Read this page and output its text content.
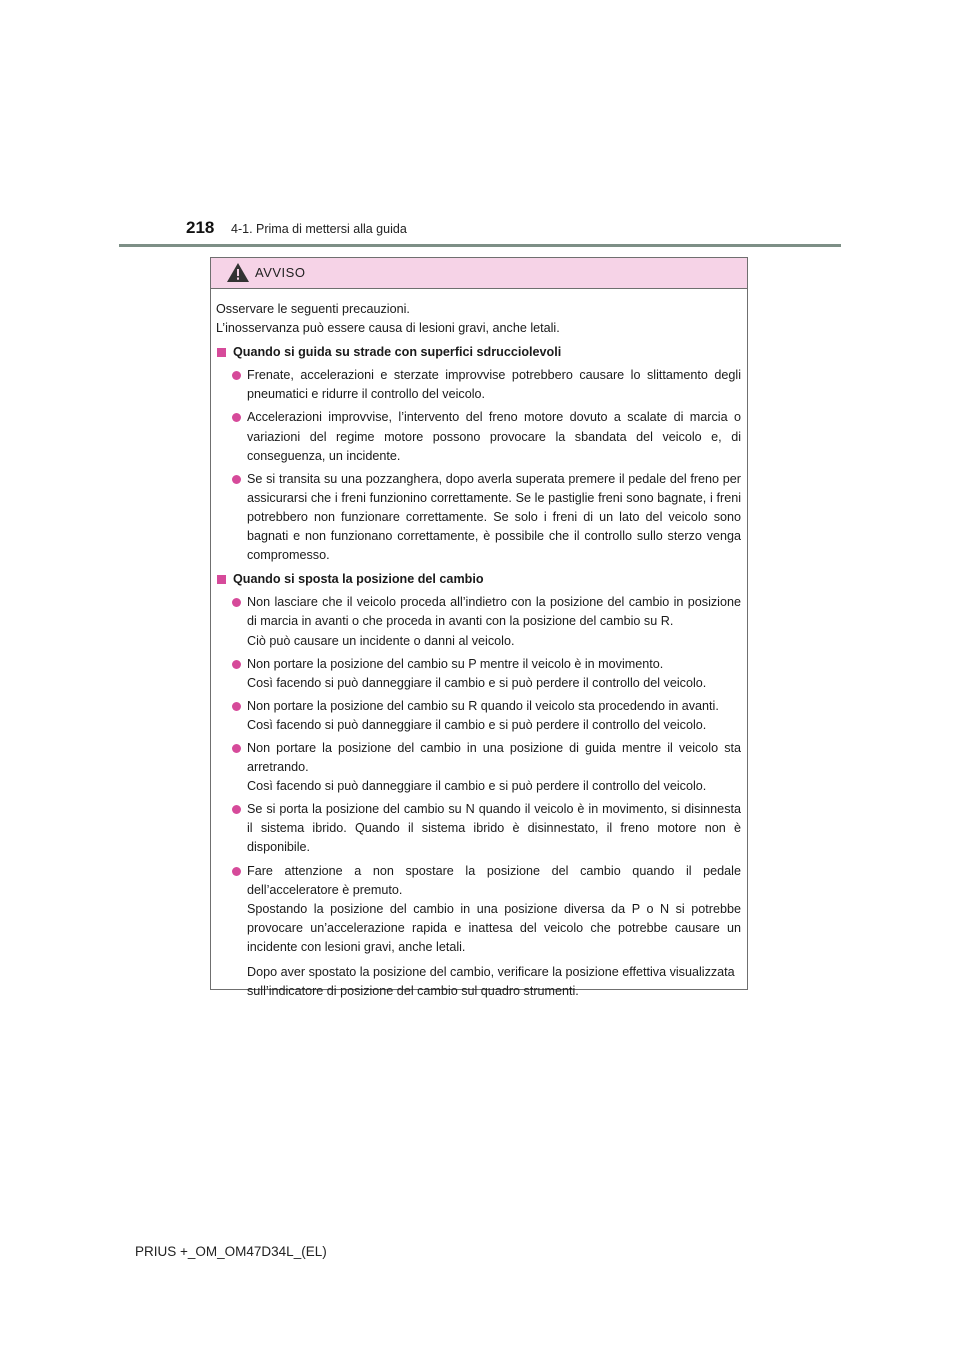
218 4-1. Prima di mettersi alla guida
AVVISO

Osservare le seguenti precauzioni.

L’inosservanza può essere causa di lesioni gravi, anche letali.

Quando si guida su strade con superfici sdrucciolevoli

Frenate, accelerazioni e sterzate improvvise potrebbero causare lo slittamento degli pneumatici e ridurre il controllo del veicolo.

Accelerazioni improvvise, l’intervento del freno motore dovuto a scalate di marcia o variazioni del regime motore possono provocare la sbandata del veicolo e, di conseguenza, un incidente.

Se si transita su una pozzanghera, dopo averla superata premere il pedale del freno per assicurarsi che i freni funzionino correttamente. Se le pastiglie freni sono bagnate, i freni potrebbero non funzionare correttamente. Se solo i freni di un lato del veicolo sono bagnati e non funzionano correttamente, è possibile che il controllo sullo sterzo venga compromesso.

Quando si sposta la posizione del cambio

Non lasciare che il veicolo proceda all’indietro con la posizione del cambio in posizione di marcia in avanti o che proceda in avanti con la posizione del cambio su R.

Ciò può causare un incidente o danni al veicolo.

Non portare la posizione del cambio su P mentre il veicolo è in movimento.

Così facendo si può danneggiare il cambio e si può perdere il controllo del veicolo.

Non portare la posizione del cambio su R quando il veicolo sta procedendo in avanti.

Così facendo si può danneggiare il cambio e si può perdere il controllo del veicolo.

Non portare la posizione del cambio in una posizione di guida mentre il veicolo sta arretrando.

Così facendo si può danneggiare il cambio e si può perdere il controllo del veicolo.

Se si porta la posizione del cambio su N quando il veicolo è in movimento, si disinnesta il sistema ibrido. Quando il sistema ibrido è disinnestato, il freno motore non è disponibile.

Fare attenzione a non spostare la posizione del cambio quando il pedale dell’acceleratore è premuto.

Spostando la posizione del cambio in una posizione diversa da P o N si potrebbe provocare un’accelerazione rapida e inattesa del veicolo che potrebbe causare un incidente con lesioni gravi, anche letali.

Dopo aver spostato la posizione del cambio, verificare la posizione effettiva visualizzata sull’indicatore di posizione del cambio sul quadro strumenti.

PRIUS +_OM_OM47D34L_(EL)
